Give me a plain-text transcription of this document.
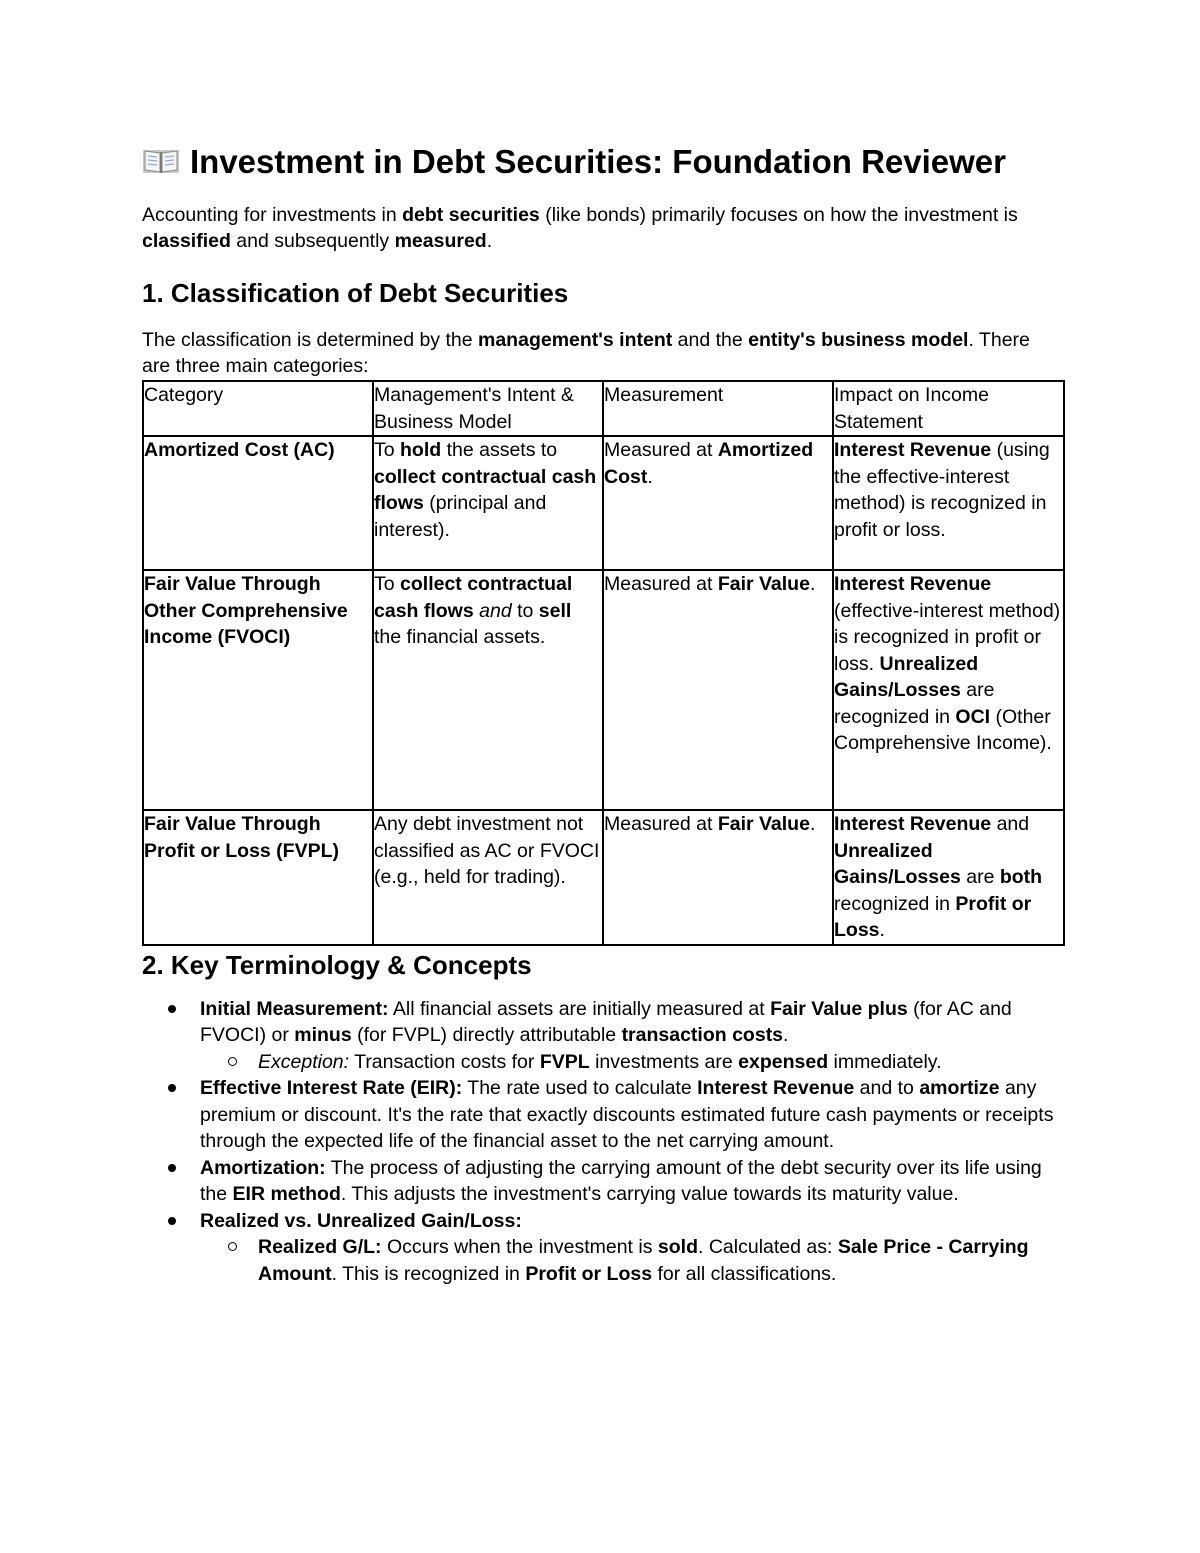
Investment in Debt Securities: Foundation Reviewer

Accounting for investments in debt securities (like bonds) primarily focuses on how the investment is classified and subsequently measured.

1. Classification of Debt Securities

The classification is determined by the management's intent and the entity's business model. There are three main categories:

Category	Management's Intent & Business Model	Measurement	Impact on Income Statement
Amortized Cost (AC)	To hold the assets to collect contractual cash flows (principal and interest).	Measured at Amortized Cost.	Interest Revenue (using the effective-interest method) is recognized in profit or loss.
Fair Value Through Other Comprehensive Income (FVOCI)	To collect contractual cash flows and to sell the financial assets.	Measured at Fair Value.	Interest Revenue (effective-interest method) is recognized in profit or loss. Unrealized Gains/Losses are recognized in OCI (Other Comprehensive Income).
Fair Value Through Profit or Loss (FVPL)	Any debt investment not classified as AC or FVOCI (e.g., held for trading).	Measured at Fair Value.	Interest Revenue and Unrealized Gains/Losses are both recognized in Profit or Loss.
2. Key Terminology & Concepts
Initial Measurement: All financial assets are initially measured at Fair Value plus (for AC and FVOCI) or minus (for FVPL) directly attributable transaction costs.
Exception: Transaction costs for FVPL investments are expensed immediately.
Effective Interest Rate (EIR): The rate used to calculate Interest Revenue and to amortize any premium or discount. It's the rate that exactly discounts estimated future cash payments or receipts through the expected life of the financial asset to the net carrying amount.
Amortization: The process of adjusting the carrying amount of the debt security over its life using the EIR method. This adjusts the investment's carrying value towards its maturity value.
Realized vs. Unrealized Gain/Loss:
Realized G/L: Occurs when the investment is sold. Calculated as: Sale Price - Carrying Amount. This is recognized in Profit or Loss for all classifications.
